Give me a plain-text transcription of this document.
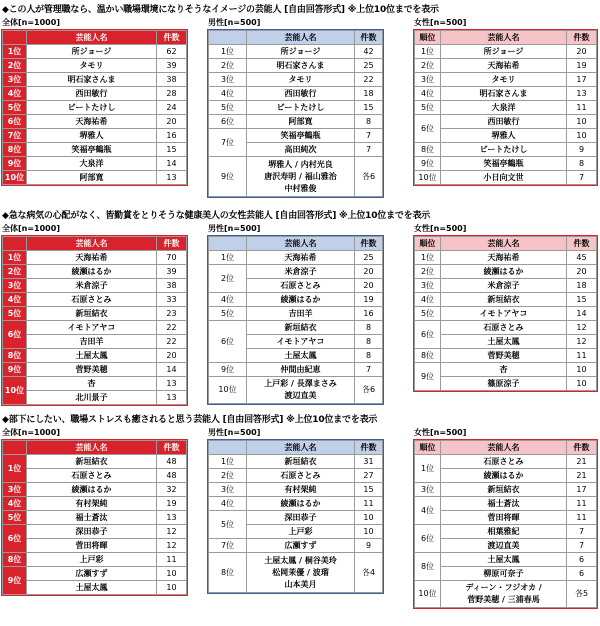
◆この人が管理職なら、温かい職場環境になりそうなイメージの芸能人 [自由回答形式] ※上位10位までを表示
全体[n=1000]
	芸能人名	件数
1位	所ジョージ	62
2位	タモリ	39
3位	明石家さんま	38
4位	西田敏行	28
5位	ビートたけし	24
6位	天海祐希	20
7位	堺雅人	16
8位	笑福亭鶴瓶	15
9位	大泉洋	14
10位	阿部寛	13
男性[n=500]
	芸能人名	件数
1位	所ジョージ	42
2位	明石家さんま	25
3位	タモリ	22
4位	西田敏行	18
5位	ビートたけし	15
6位	阿部寛	8
7位	笑福亭鶴瓶	7
	高田純次	7
9位	堺雅人 / 内村光良
唐沢寿明 / 福山雅治
中村雅俊	各6
女性[n=500]
順位	芸能人名	件数
1位	所ジョージ	20
2位	天海祐希	19
3位	タモリ	17
4位	明石家さんま	13
5位	大泉洋	11
6位	西田敏行	10
	堺雅人	10
8位	ビートたけし	9
9位	笑福亭鶴瓶	8
10位	小日向文世	7
◆急な病気の心配がなく、皆勤賞をとりそうな健康美人の女性芸能人 [自由回答形式] ※上位10位までを表示
全体[n=1000]
	芸能人名	件数
1位	天海祐希	70
2位	綾瀬はるか	39
3位	米倉涼子	38
4位	石原さとみ	33
5位	新垣結衣	23
6位	イモトアヤコ	22
	吉田羊	22
8位	土屋太鳳	20
9位	菅野美穂	14
10位	杏	13
	北川景子	13
男性[n=500]
	芸能人名	件数
1位	天海祐希	25
2位	米倉涼子	20
	石原さとみ	20
4位	綾瀬はるか	19
5位	吉田羊	16
6位	新垣結衣	8
	イモトアヤコ	8
	土屋太鳳	8
9位	仲間由紀恵	7
10位	上戸彩 / 長澤まさみ
渡辺直美	各6
女性[n=500]
順位	芸能人名	件数
1位	天海祐希	45
2位	綾瀬はるか	20
3位	米倉涼子	18
4位	新垣結衣	15
5位	イモトアヤコ	14
6位	石原さとみ	12
	土屋太鳳	12
8位	菅野美穂	11
9位	杏	10
	篠原涼子	10
◆部下にしたい、職場ストレスも癒されると思う芸能人 [自由回答形式] ※上位10位までを表示
全体[n=1000]
	芸能人名	件数
1位	新垣結衣	48
	石原さとみ	48
3位	綾瀬はるか	32
4位	有村架純	19
5位	福士蒼汰	13
6位	深田恭子	12
	菅田将暉	12
8位	上戸彩	11
9位	広瀬すず	10
	土屋太鳳	10
男性[n=500]
	芸能人名	件数
1位	新垣結衣	31
2位	石原さとみ	27
3位	有村架純	15
4位	綾瀬はるか	11
5位	深田恭子	10
	上戸彩	10
7位	広瀬すず	9
8位	土屋太鳳 / 桐谷美玲
松岡茉優 / 波瑠
山本美月	各4
女性[n=500]
順位	芸能人名	件数
1位	石原さとみ	21
	綾瀬はるか	21
3位	新垣結衣	17
4位	福士蒼汰	11
	菅田将暉	11
6位	相葉雅紀	7
	渡辺直美	7
8位	土屋太鳳	6
	柳原可奈子	6
10位	ディーン・フジオカ /
菅野美穂 / 三浦春馬	各5
